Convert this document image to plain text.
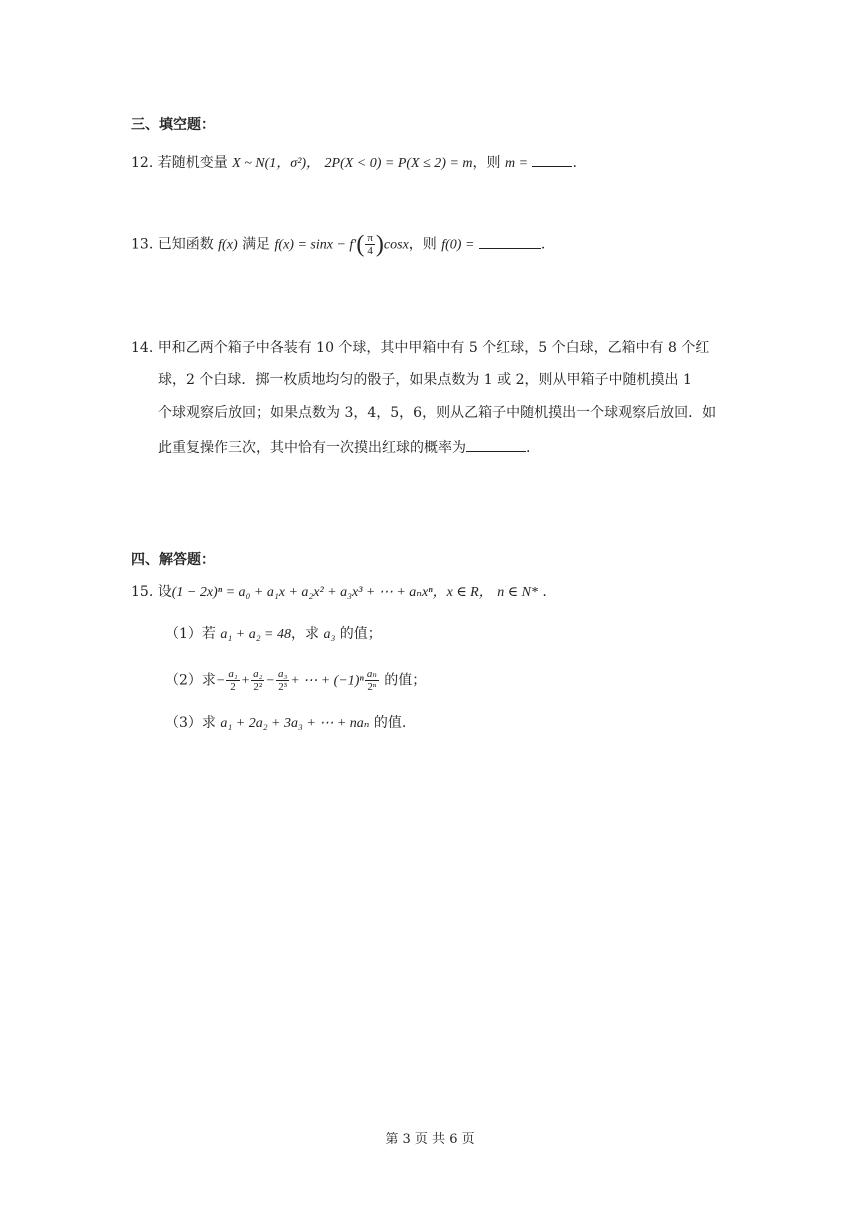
三、填空题：
12. 若随机变量 X ~ N(1，σ²)， 2P(X < 0) = P(X ≤ 2) = m，则 m =	.
13. 已知函数 f(x) 满足 $f(x) = \sin x - f'( \frac{\pi}{4} )\cos x$，则 f(0) =	.
14. 甲和乙两个箱子中各装有 10 个球，其中甲箱中有 5 个红球，5 个白球，乙箱中有 8 个红
球，2 个白球．掷一枚质地均匀的骰子，如果点数为 1 或 2，则从甲箱子中随机摸出 1
个球观察后放回；如果点数为 3，4，5，6，则从乙箱子中随机摸出一个球观察后放回．如
此重复操作三次，其中恰有一次摸出红球的概率为	.
四、解答题：
15. 设(1 − 2x)ⁿ = a₀ + a₁x + a₂x² + a₃x³ + ⋯ + aₙxⁿ，x ∈ R， n ∈ N* .
（1）若 a₁ + a₂ = 48，求 a₃ 的值；
（2）求− $\frac{\text{a₁}}{2} + \frac{\text{a₂}}{\text{2²}} - \frac{\text{a₃}}{\text{2³}}$ + ⋯ + $(-1)^n \frac{\text{aₙ}}{\text{2ⁿ}}$ 的值；
（3）求 a₁ + 2a₂ + 3a₃ + ⋯ + naₙ 的值.
第 3 页 共 6 页
